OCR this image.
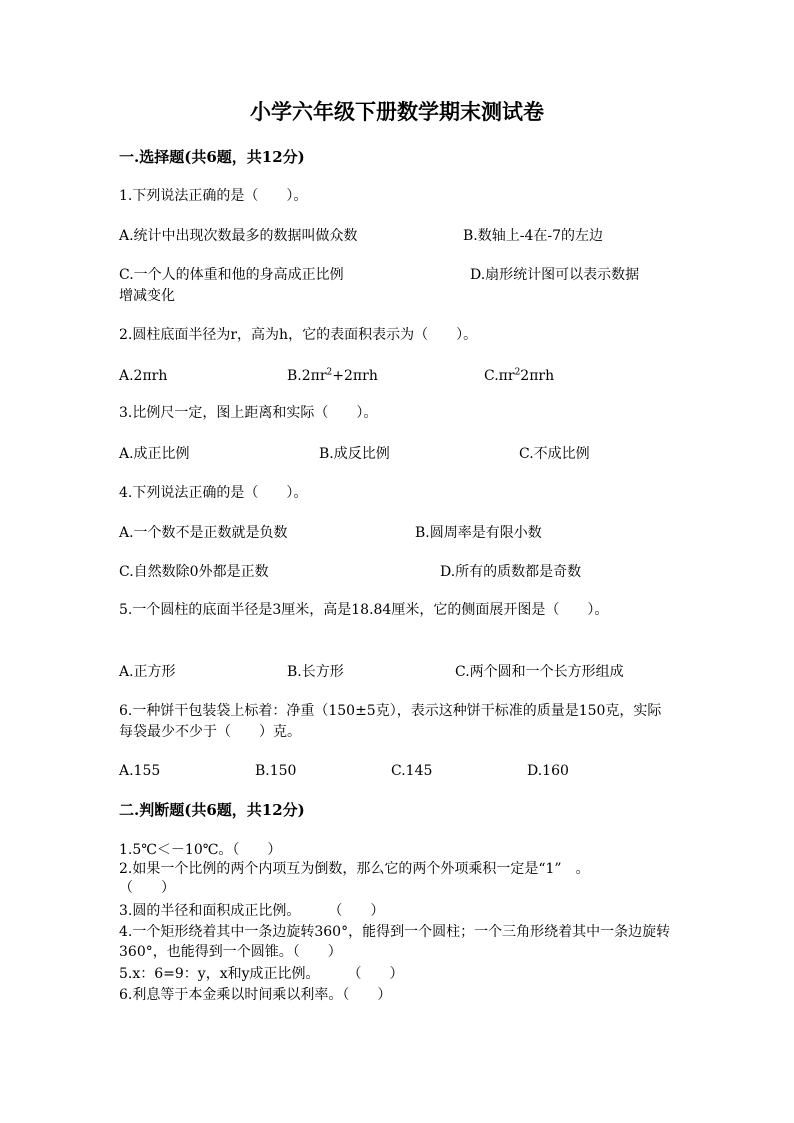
小学六年级下册数学期末测试卷
一.选择题(共6题，共12分)
1.下列说法正确的是（　　）。
A.统计中出现次数最多的数据叫做众数	B.数轴上-4在-7的左边
C.一个人的体重和他的身高成正比例	D.扇形统计图可以表示数据
增减变化
2.圆柱底面半径为r，高为h，它的表面积表示为（　　）。
A.2πrh	$B.2\pi r^2+2\pi rh$	$C.\pi r^22\pi rh$
3.比例尺一定，图上距离和实际（　　）。
A.成正比例	B.成反比例	C.不成比例
4.下列说法正确的是（　　）。
A.一个数不是正数就是负数	B.圆周率是有限小数
C.自然数除0外都是正数	D.所有的质数都是奇数
5.一个圆柱的底面半径是3厘米，高是18.84厘米，它的侧面展开图是（　　）。
A.正方形	B.长方形	C.两个圆和一个长方形组成
6.一种饼干包装袋上标着：净重（150±5克），表示这种饼干标准的质量是150克，实际每袋最少不少于（　　）克。
A.155	B.150	C.145	D.160
二.判断题(共6题，共12分)
1.5℃＜－10℃。（　　）
2.如果一个比例的两个内项互为倒数，那么它的两个外项乘积一定是“1”　。　　　　（　　）
3.圆的半径和面积成正比例。　　　（　　）
4.一个矩形绕着其中一条边旋转360°，能得到一个圆柱；一个三角形绕着其中一条边旋转360°，也能得到一个圆锥。（　　）
5.x：6=9：y，x和y成正比例。　　　（　　）
6.利息等于本金乘以时间乘以利率。（　　）
